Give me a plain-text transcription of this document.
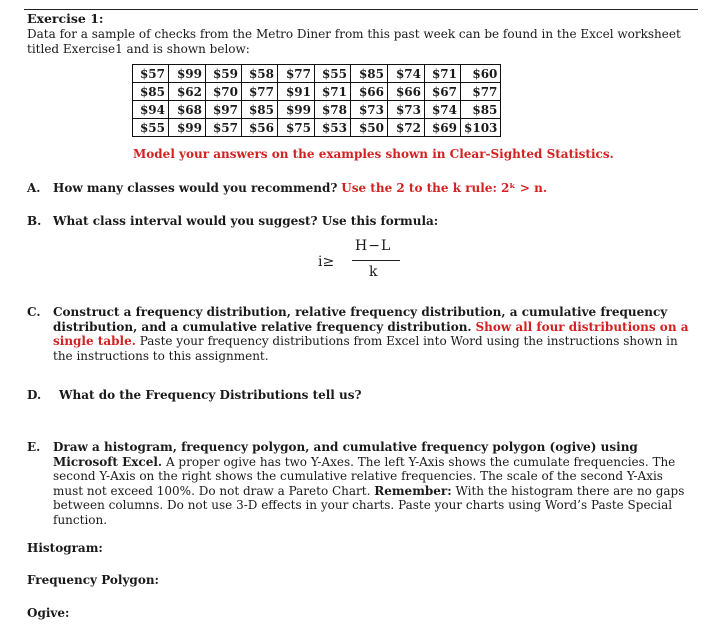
Exercise 1:
Data for a sample of checks from the Metro Diner from this past week can be found in the Excel worksheet titled Exercise1 and is shown below:
$57	$99	$59	$58	$77	$55	$85	$74	$71	$60
$85	$62	$70	$77	$91	$71	$66	$66	$67	$77
$94	$68	$97	$85	$99	$78	$73	$73	$74	$85
$55	$99	$57	$56	$75	$53	$50	$72	$69	$103
Model your answers on the examples shown in Clear-Sighted Statistics.
A. How many classes would you recommend? Use the 2 to the k rule: 2ᵏ > n.
B. What class interval would you suggest? Use this formula:
i≥
H−L
k
C. Construct a frequency distribution, relative frequency distribution, a cumulative frequency distribution, and a cumulative relative frequency distribution. Show all four distributions on a single table. Paste your frequency distributions from Excel into Word using the instructions shown in the instructions to this assignment.
D. What do the Frequency Distributions tell us?
E. Draw a histogram, frequency polygon, and cumulative frequency polygon (ogive) using Microsoft Excel. A proper ogive has two Y-Axes. The left Y-Axis shows the cumulate frequencies. The second Y-Axis on the right shows the cumulative relative frequencies. The scale of the second Y-Axis must not exceed 100%. Do not draw a Pareto Chart. Remember: With the histogram there are no gaps between columns. Do not use 3-D effects in your charts. Paste your charts using Word’s Paste Special function.
Histogram:
Frequency Polygon:
Ogive:
